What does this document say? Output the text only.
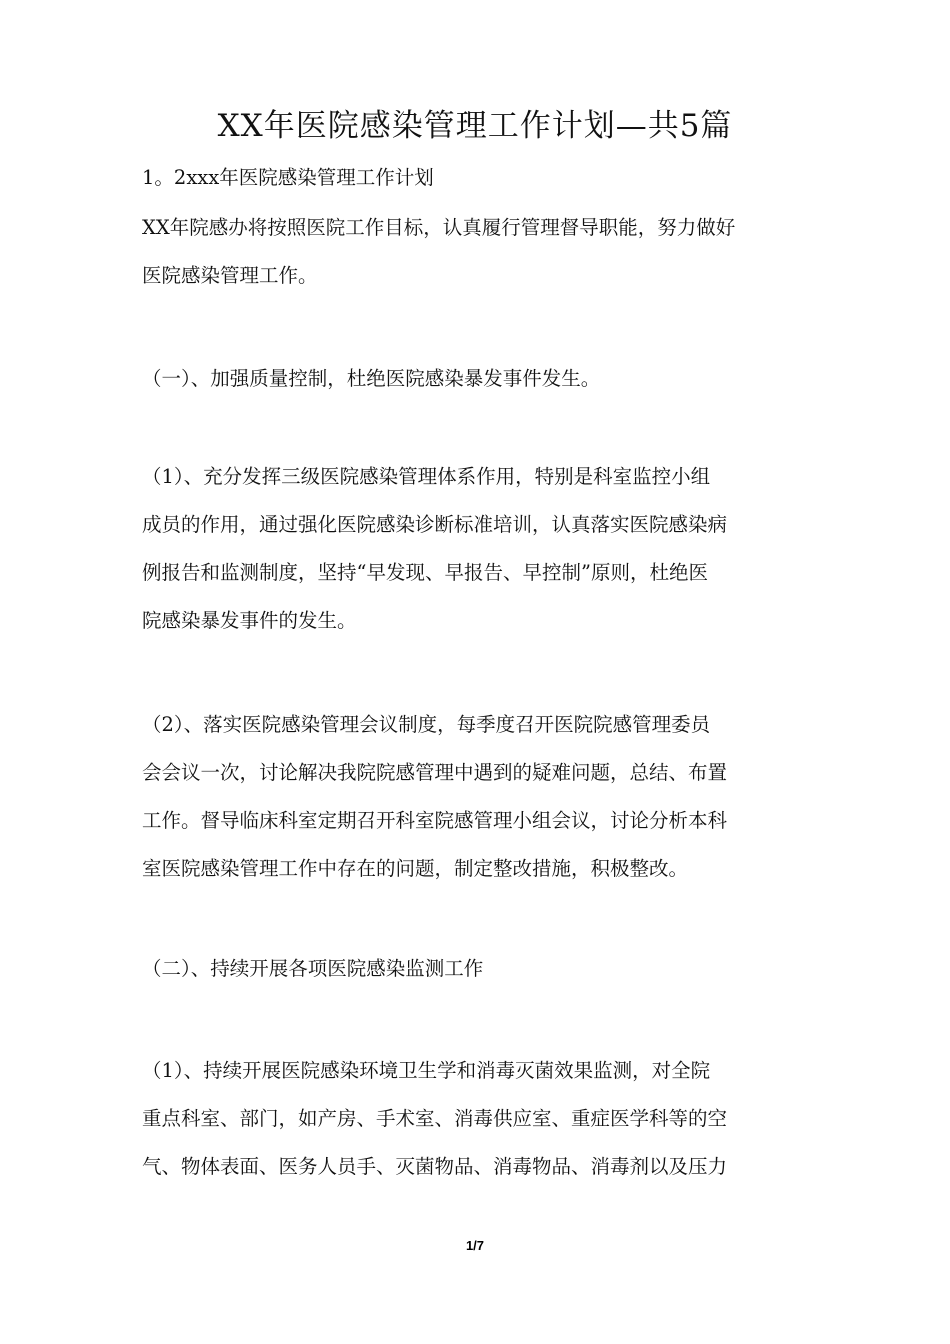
XX年医院感染管理工作计划—共5篇
1。2xxx年医院感染管理工作计划
XX年院感办将按照医院工作目标，认真履行管理督导职能，努力做好
医院感染管理工作。
（一）、加强质量控制，杜绝医院感染暴发事件发生。
（1）、充分发挥三级医院感染管理体系作用，特别是科室监控小组
成员的作用，通过强化医院感染诊断标准培训，认真落实医院感染病
例报告和监测制度，坚持“早发现、早报告、早控制”原则，杜绝医
院感染暴发事件的发生。
（2）、落实医院感染管理会议制度，每季度召开医院院感管理委员
会会议一次，讨论解决我院院感管理中遇到的疑难问题，总结、布置
工作。督导临床科室定期召开科室院感管理小组会议，讨论分析本科
室医院感染管理工作中存在的问题，制定整改措施，积极整改。
（二）、持续开展各项医院感染监测工作
（1）、持续开展医院感染环境卫生学和消毒灭菌效果监测，对全院
重点科室、部门，如产房、手术室、消毒供应室、重症医学科等的空
气、物体表面、医务人员手、灭菌物品、消毒物品、消毒剂以及压力
1/7
